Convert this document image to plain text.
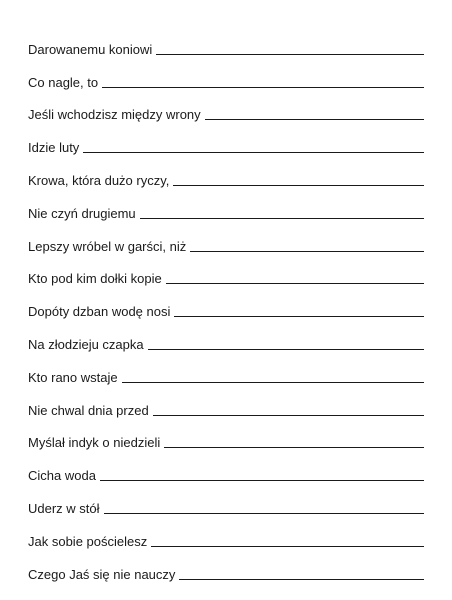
Darowanemu koniowi
Co nagle, to
Jeśli wchodzisz między wrony
Idzie luty
Krowa, która dużo ryczy,
Nie czyń drugiemu
Lepszy wróbel w garści, niż
Kto pod kim dołki kopie
Dopóty dzban wodę nosi
Na złodzieju czapka
Kto rano wstaje
Nie chwal dnia przed
Myślał indyk o niedzieli
Cicha woda
Uderz w stół
Jak sobie pościelesz
Czego Jaś się nie nauczy
